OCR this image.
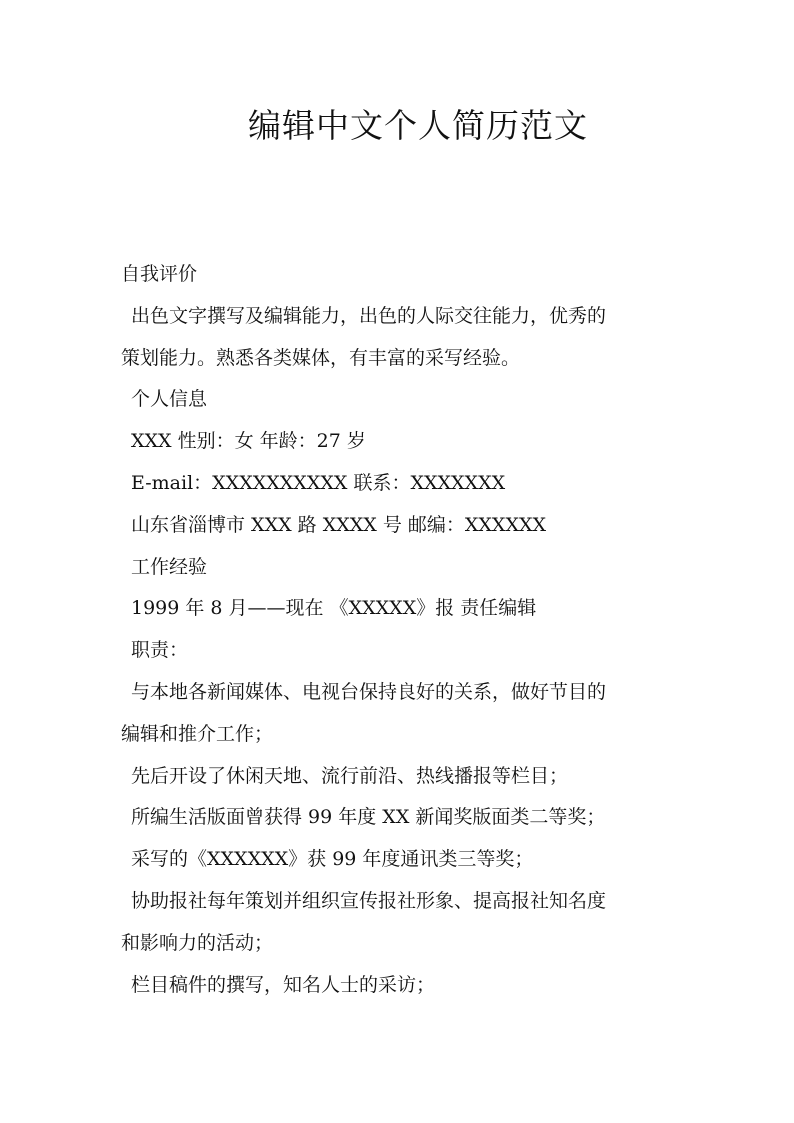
编辑中文个人简历范文

自我评价

出色文字撰写及编辑能力，出色的人际交往能力，优秀的

策划能力。熟悉各类媒体，有丰富的采写经验。

个人信息

XXX 性别：女 年龄：27 岁

E-mail：XXXXXXXXXX 联系：XXXXXXX

山东省淄博市 XXX 路 XXXX 号 邮编：XXXXXX

工作经验

1999 年 8 月——现在 《XXXXX》报 责任编辑

职责：

与本地各新闻媒体、电视台保持良好的关系，做好节目的

编辑和推介工作；

先后开设了休闲天地、流行前沿、热线播报等栏目；

所编生活版面曾获得 99 年度 XX 新闻奖版面类二等奖；

采写的《XXXXXX》获 99 年度通讯类三等奖；

协助报社每年策划并组织宣传报社形象、提高报社知名度

和影响力的活动；

栏目稿件的撰写，知名人士的采访；
